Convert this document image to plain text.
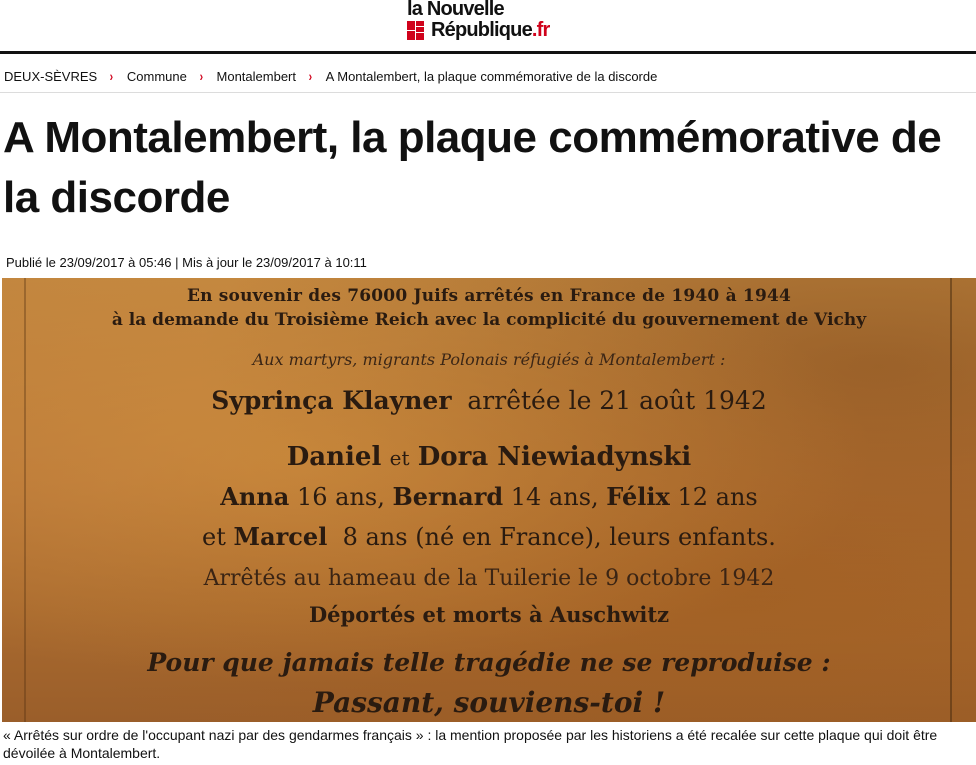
la Nouvelle
République.fr
DEUX-SÈVRES › Commune › Montalembert › A Montalembert, la plaque commémorative de la discorde
A Montalembert, la plaque commémorative de la discorde
Publié le 23/09/2017 à 05:46 | Mis à jour le 23/09/2017 à 10:11
En souvenir des 76000 Juifs arrêtés en France de 1940 à 1944
à la demande du Troisième Reich avec la complicité du gouvernement de Vichy
Aux martyrs, migrants Polonais réfugiés à Montalembert :
Syprinça Klayner arrêtée le 21 août 1942
Daniel et Dora Niewiadynski
Anna 16 ans, Bernard 14 ans, Félix 12 ans
et Marcel 8 ans (né en France), leurs enfants.
Arrêtés au hameau de la Tuilerie le 9 octobre 1942
Déportés et morts à Auschwitz
Pour que jamais telle tragédie ne se reproduise :
Passant, souviens-toi !

« Arrêtés sur ordre de l'occupant nazi par des gendarmes français » : la mention proposée par les historiens a été recalée sur cette plaque qui doit être dévoilée à Montalembert.
